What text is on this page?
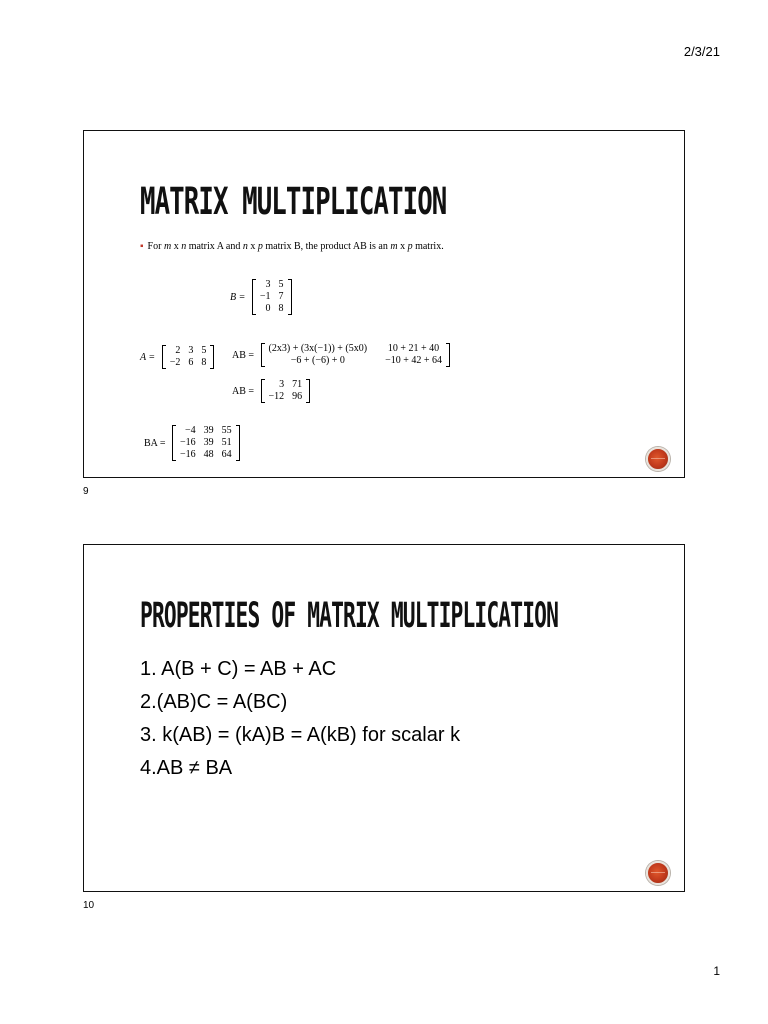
2/3/21
MATRIX MULTIPLICATION
▪ For m x n matrix A and n x p matrix B, the product AB is an m x p matrix.
B =
3	5
−1	7
0	8
A =
2	3	5
−2	6	8
AB =
(2x3) + (3x(−1)) + (5x0)	10 + 21 + 40
−6 + (−6) + 0	−10 + 42 + 64
AB =
3	71
−12	96
BA =
−4	39	55
−16	39	51
−16	48	64
9
PROPERTIES OF MATRIX MULTIPLICATION
1. A(B + C) = AB + AC
2.(AB)C = A(BC)
3. k(AB) = (kA)B = A(kB) for scalar k
4.AB ≠ BA
10
1
